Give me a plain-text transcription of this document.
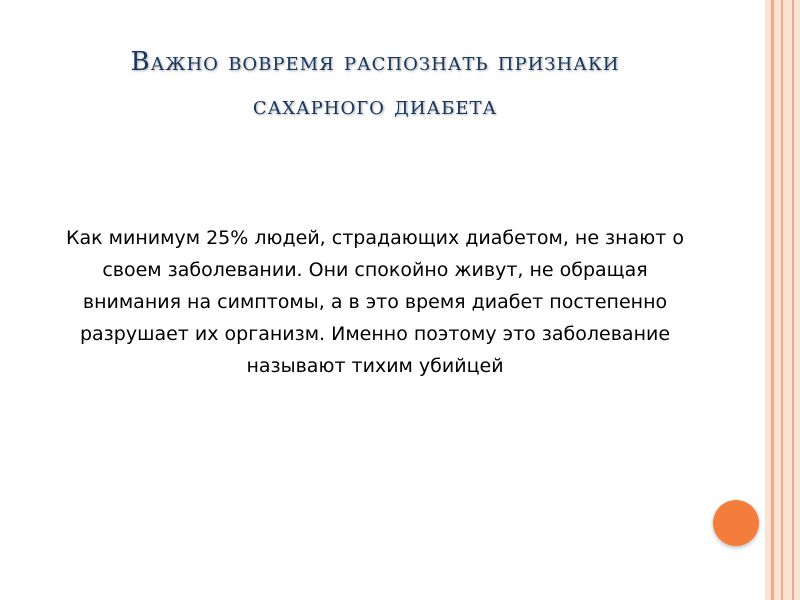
Важно вовремя распознать признаки сахарного диабета
Как минимум 25% людей, страдающих диабетом, не знают о своем заболевании. Они спокойно живут, не обращая внимания на симптомы, а в это время диабет постепенно разрушает их организм. Именно поэтому это заболевание называют тихим убийцей
